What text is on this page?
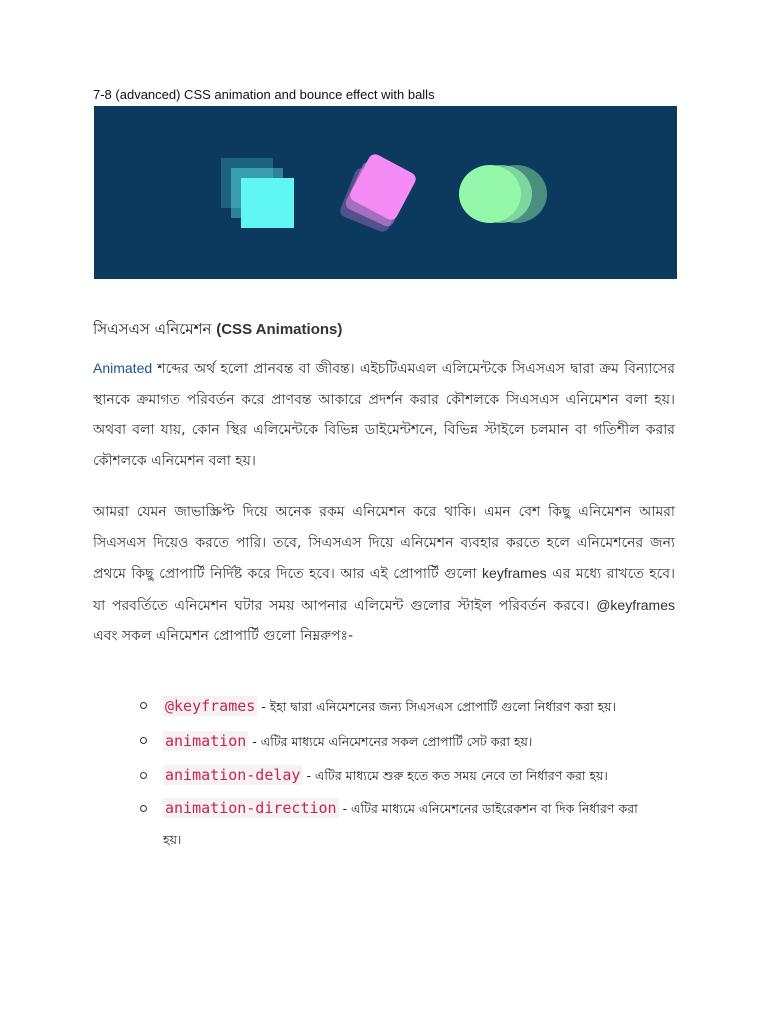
7-8 (advanced) CSS animation and bounce effect with balls
সিএসএস এনিমেশন (CSS Animations)
Animated শব্দের অর্থ হলো প্রানবন্ত বা জীবন্ত। এইচটিএমএল এলিমেন্টকে সিএসএস দ্বারা ক্রম বিন্যাসের স্থানকে ক্রমাগত পরিবর্তন করে প্রাণবন্ত আকারে প্রদর্শন করার কৌশলকে সিএসএস এনিমেশন বলা হয়। অথবা বলা যায়, কোন স্থির এলিমেন্টকে বিভিন্ন ডাইমেন্টশনে, বিভিন্ন স্টাইলে চলমান বা গতিশীল করার কৌশলকে এনিমেশন বলা হয়।
আমরা যেমন জাভাস্ক্রিপ্ট দিয়ে অনেক রকম এনিমেশন করে থাকি। এমন বেশ কিছু এনিমেশন আমরা সিএসএস দিয়েও করতে পারি। তবে, সিএসএস দিয়ে এনিমেশন ব্যবহার করতে হলে এনিমেশনের জন্য প্রথমে কিছু প্রোপার্টি নির্দিষ্ট করে দিতে হবে। আর এই প্রোপার্টি গুলো keyframes এর মধ্যে রাখতে হবে। যা পরবর্তিতে এনিমেশন ঘটার সময় আপনার এলিমেন্ট গুলোর স্টাইল পরিবর্তন করবে। @keyframes এবং সকল এনিমেশন প্রোপার্টি গুলো নিম্নরুপঃ-
@keyframes - ইহা দ্বারা এনিমেশনের জন্য সিএসএস প্রোপার্টি গুলো নির্ধারণ করা হয়।
animation - এটির মাধ্যমে এনিমেশনের সকল প্রোপার্টি সেট করা হয়।
animation-delay - এটির মাধ্যমে শুরু হতে কত সময় নেবে তা নির্ধারণ করা হয়।
animation-direction - এটির মাধ্যমে এনিমেশনের ডাইরেকশন বা দিক নির্ধারণ করা হয়।
